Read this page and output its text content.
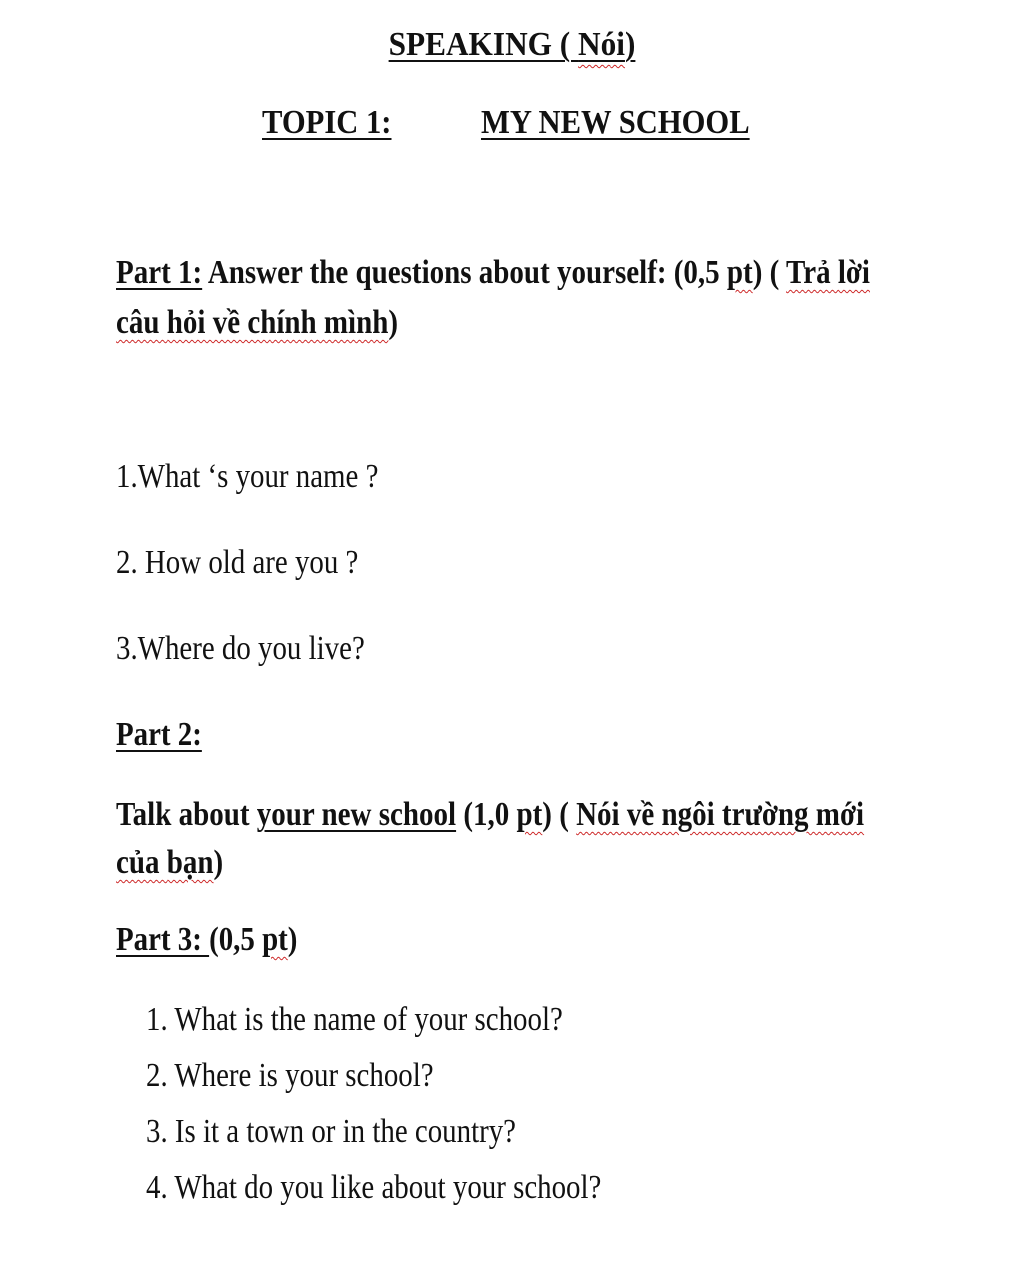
SPEAKING ( Nói)
TOPIC 1:	MY NEW SCHOOL
Part 1: Answer the questions about yourself: (0,5 pt) ( Trả lời
câu hỏi về chính mình)
1.What ‘s your name ?
2. How old are you ?
3.Where do you live?
Part 2:
Talk about your new school (1,0 pt) ( Nói về ngôi trường mới
của bạn)
Part 3: (0,5 pt)
1. What is the name of your school?
2. Where is your school?
3. Is it a town or in the country?
4. What do you like about your school?
